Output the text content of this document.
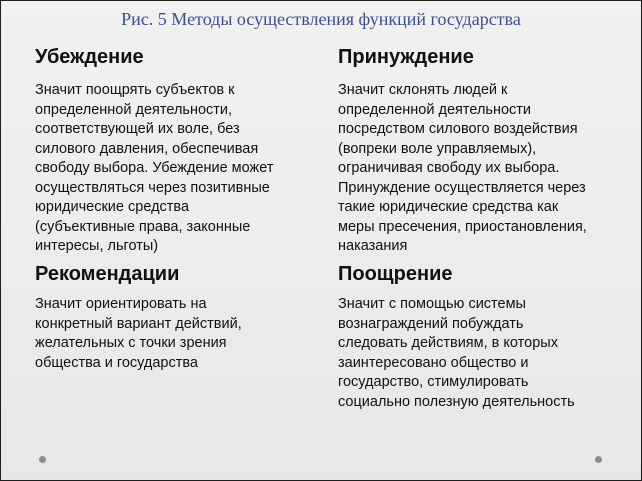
Рис. 5 Методы осуществления функций государства
Убеждение
Значит поощрять субъектов к
определенной деятельности,
соответствующей их воле, без
силового давления, обеспечивая
свободу выбора. Убеждение может
осуществляться через позитивные
юридические средства
(субъективные права, законные
интересы, льготы)
Принуждение
Значит склонять людей к
определенной деятельности
посредством силового воздействия
(вопреки воле управляемых),
ограничивая свободу их выбора.
Принуждение осуществляется через
такие юридические средства как
меры пресечения, приостановления,
наказания
Рекомендации
Значит ориентировать на
конкретный вариант действий,
желательных с точки зрения
общества и государства
Поощрение
Значит с помощью системы
вознаграждений побуждать
следовать действиям, в которых
заинтересовано общество и
государство, стимулировать
социально полезную деятельность
